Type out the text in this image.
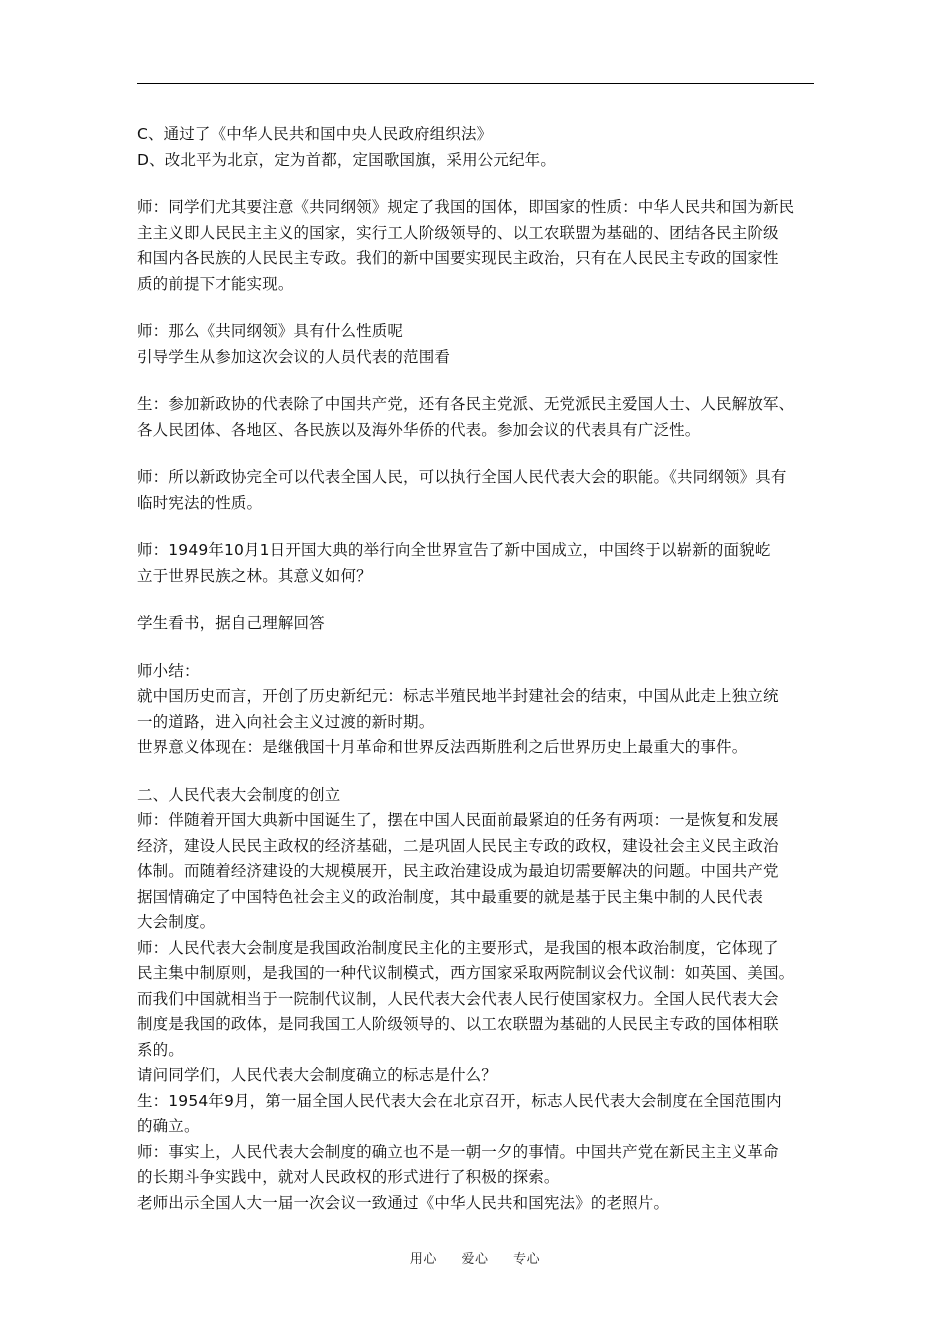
C、通过了《中华人民共和国中央人民政府组织法》
D、改北平为北京，定为首都，定国歌国旗，采用公元纪年。
师：同学们尤其要注意《共同纲领》规定了我国的国体，即国家的性质：中华人民共和国为新民
主主义即人民民主主义的国家，实行工人阶级领导的、以工农联盟为基础的、团结各民主阶级
和国内各民族的人民民主专政。我们的新中国要实现民主政治，只有在人民民主专政的国家性
质的前提下才能实现。
师：那么《共同纲领》具有什么性质呢
引导学生从参加这次会议的人员代表的范围看
生：参加新政协的代表除了中国共产党，还有各民主党派、无党派民主爱国人士、人民解放军、
各人民团体、各地区、各民族以及海外华侨的代表。参加会议的代表具有广泛性。
师：所以新政协完全可以代表全国人民，可以执行全国人民代表大会的职能。《共同纲领》具有
临时宪法的性质。
师：1949年10月1日开国大典的举行向全世界宣告了新中国成立，中国终于以崭新的面貌屹
立于世界民族之林。其意义如何？
学生看书，据自己理解回答
师小结：
就中国历史而言，开创了历史新纪元：标志半殖民地半封建社会的结束，中国从此走上独立统
一的道路，进入向社会主义过渡的新时期。
世界意义体现在：是继俄国十月革命和世界反法西斯胜利之后世界历史上最重大的事件。
二、人民代表大会制度的创立
师：伴随着开国大典新中国诞生了，摆在中国人民面前最紧迫的任务有两项：一是恢复和发展
经济，建设人民民主政权的经济基础，二是巩固人民民主专政的政权，建设社会主义民主政治
体制。而随着经济建设的大规模展开，民主政治建设成为最迫切需要解决的问题。中国共产党
据国情确定了中国特色社会主义的政治制度，其中最重要的就是基于民主集中制的人民代表
大会制度。
师：人民代表大会制度是我国政治制度民主化的主要形式，是我国的根本政治制度，它体现了
民主集中制原则，是我国的一种代议制模式，西方国家采取两院制议会代议制：如英国、美国。
而我们中国就相当于一院制代议制，人民代表大会代表人民行使国家权力。全国人民代表大会
制度是我国的政体，是同我国工人阶级领导的、以工农联盟为基础的人民民主专政的国体相联
系的。
请问同学们，人民代表大会制度确立的标志是什么？
生：1954年9月，第一届全国人民代表大会在北京召开，标志人民代表大会制度在全国范围内
的确立。
师：事实上，人民代表大会制度的确立也不是一朝一夕的事情。中国共产党在新民主主义革命
的长期斗争实践中，就对人民政权的形式进行了积极的探索。
老师出示全国人大一届一次会议一致通过《中华人民共和国宪法》的老照片。
用心 爱心 专心
